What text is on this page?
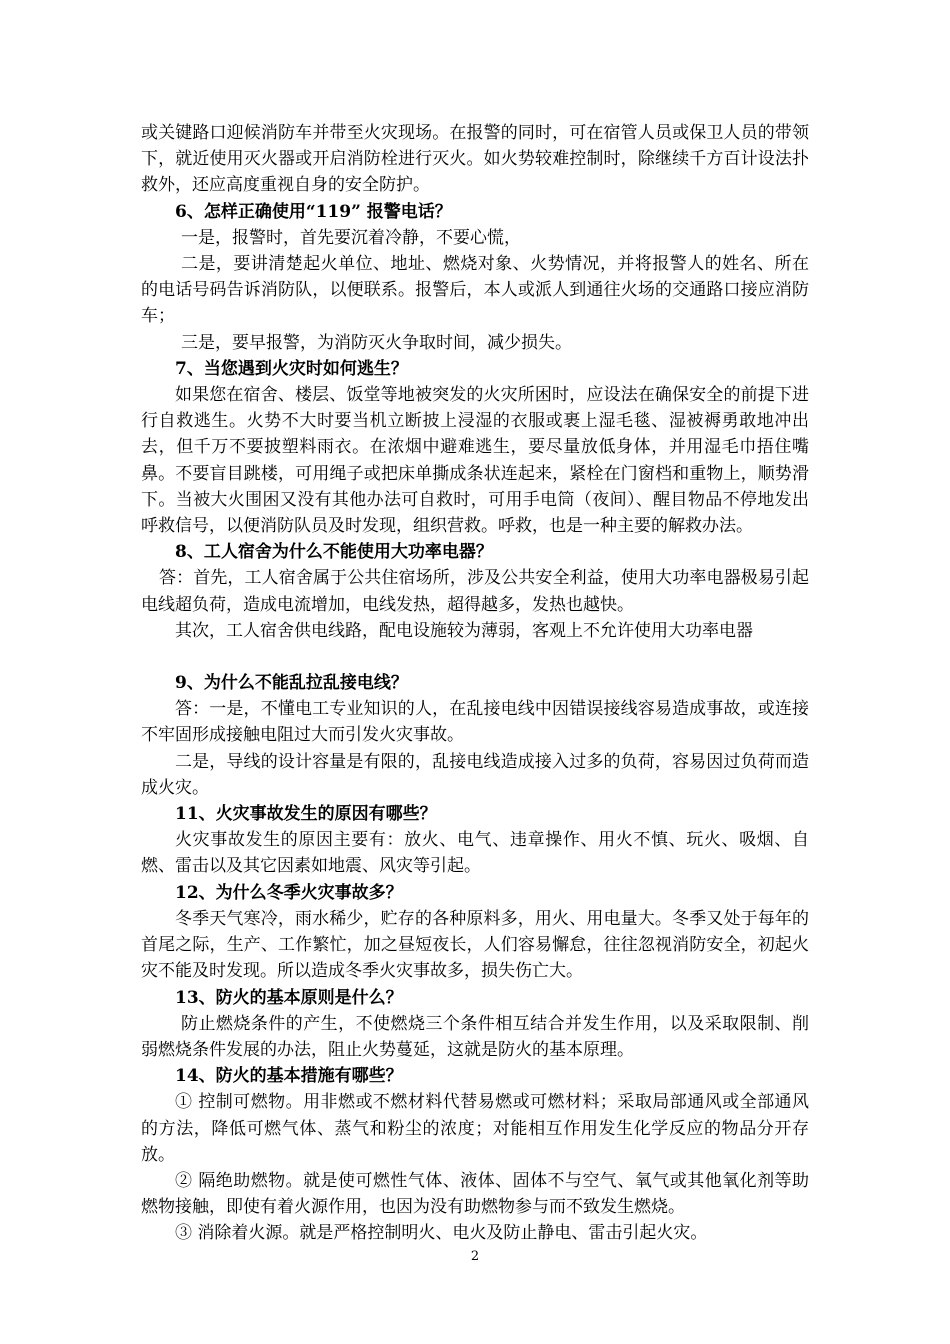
或关键路口迎候消防车并带至火灾现场。在报警的同时，可在宿管人员或保卫人员的带领下，就近使用灭火器或开启消防栓进行灭火。如火势较难控制时，除继续千方百计设法扑救外，还应高度重视自身的安全防护。

6、怎样正确使用“119” 报警电话？

一是，报警时，首先要沉着冷静，不要心慌，

二是，要讲清楚起火单位、地址、燃烧对象、火势情况，并将报警人的姓名、所在的电话号码告诉消防队，以便联系。报警后，本人或派人到通往火场的交通路口接应消防车；

三是，要早报警，为消防灭火争取时间，减少损失。

7、当您遇到火灾时如何逃生？

如果您在宿舍、楼层、饭堂等地被突发的火灾所困时，应设法在确保安全的前提下进行自救逃生。火势不大时要当机立断披上浸湿的衣服或裹上湿毛毯、湿被褥勇敢地冲出去，但千万不要披塑料雨衣。在浓烟中避难逃生，要尽量放低身体，并用湿毛巾捂住嘴鼻。不要盲目跳楼，可用绳子或把床单撕成条状连起来，紧栓在门窗档和重物上，顺势滑下。当被大火围困又没有其他办法可自救时，可用手电筒（夜间）、醒目物品不停地发出呼救信号，以便消防队员及时发现，组织营救。呼救，也是一种主要的解救办法。

8、工人宿舍为什么不能使用大功率电器？

答：首先，工人宿舍属于公共住宿场所，涉及公共安全利益，使用大功率电器极易引起电线超负荷，造成电流增加，电线发热，超得越多，发热也越快。

其次，工人宿舍供电线路，配电设施较为薄弱，客观上不允许使用大功率电器

9、为什么不能乱拉乱接电线？

答：一是，不懂电工专业知识的人，在乱接电线中因错误接线容易造成事故，或连接不牢固形成接触电阻过大而引发火灾事故。

二是，导线的设计容量是有限的，乱接电线造成接入过多的负荷，容易因过负荷而造成火灾。

11、火灾事故发生的原因有哪些？

火灾事故发生的原因主要有：放火、电气、违章操作、用火不慎、玩火、吸烟、自燃、雷击以及其它因素如地震、风灾等引起。

12、为什么冬季火灾事故多？

冬季天气寒冷，雨水稀少，贮存的各种原料多，用火、用电量大。冬季又处于每年的首尾之际，生产、工作繁忙，加之昼短夜长，人们容易懈怠，往往忽视消防安全，初起火灾不能及时发现。所以造成冬季火灾事故多，损失伤亡大。

13、防火的基本原则是什么？

防止燃烧条件的产生，不使燃烧三个条件相互结合并发生作用，以及采取限制、削弱燃烧条件发展的办法，阻止火势蔓延，这就是防火的基本原理。

14、防火的基本措施有哪些？

① 控制可燃物。用非燃或不燃材料代替易燃或可燃材料；采取局部通风或全部通风的方法，降低可燃气体、蒸气和粉尘的浓度；对能相互作用发生化学反应的物品分开存放。

② 隔绝助燃物。就是使可燃性气体、液体、固体不与空气、氧气或其他氧化剂等助燃物接触，即使有着火源作用，也因为没有助燃物参与而不致发生燃烧。

③ 消除着火源。就是严格控制明火、电火及防止静电、雷击引起火灾。

2
